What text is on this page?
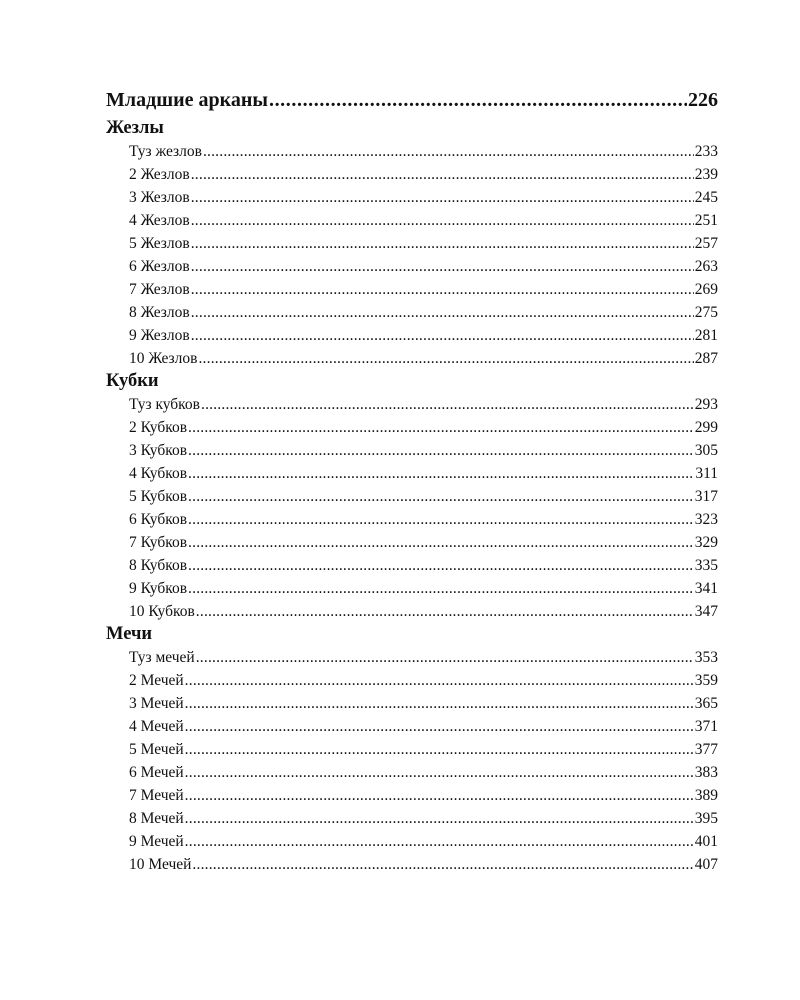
Младшие арканы .....	226
Жезлы
Туз жезлов .....	233
2 Жезлов .....	239
3 Жезлов .....	245
4 Жезлов .....	251
5 Жезлов .....	257
6 Жезлов .....	263
7 Жезлов .....	269
8 Жезлов .....	275
9 Жезлов .....	281
10 Жезлов .....	287
Кубки
Туз кубков .....	293
2 Кубков .....	299
3 Кубков .....	305
4 Кубков .....	311
5 Кубков .....	317
6 Кубков .....	323
7 Кубков .....	329
8 Кубков .....	335
9 Кубков .....	341
10 Кубков .....	347
Мечи
Туз мечей .....	353
2 Мечей .....	359
3 Мечей .....	365
4 Мечей .....	371
5 Мечей .....	377
6 Мечей .....	383
7 Мечей .....	389
8 Мечей .....	395
9 Мечей .....	401
10 Мечей .....	407
